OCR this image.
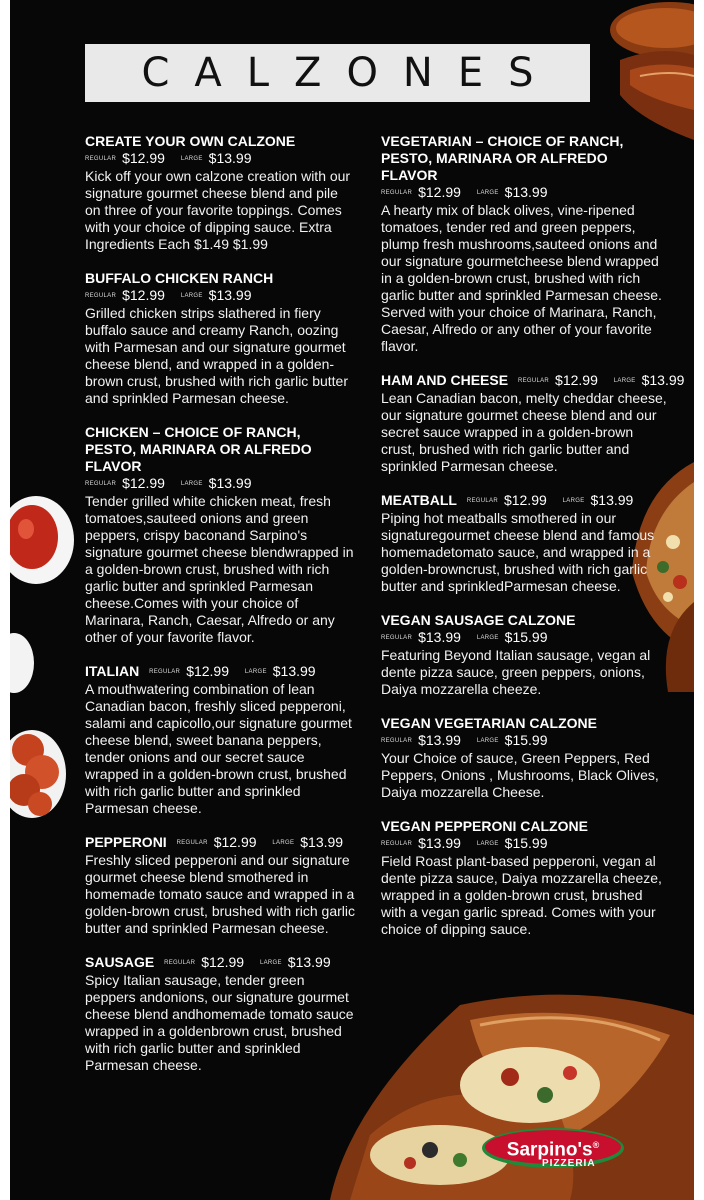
Sarpino's®
PIZZERIA
CALZONES
CREATE YOUR OWN CALZONE
$^{REGULAR}$ $12.99	$^{LARGE}$ $13.99
Kick off your own calzone creation with our signature gourmet cheese blend and pile on three of your favorite toppings. Comes with your choice of dipping sauce. Extra Ingredients Each $1.49 $1.99
BUFFALO CHICKEN RANCH
$^{REGULAR}$ $12.99	$^{LARGE}$ $13.99
Grilled chicken strips slathered in fiery buffalo sauce and creamy Ranch, oozing with Parmesan and our signature gourmet cheese blend, and wrapped in a golden-brown crust, brushed with rich garlic butter and sprinkled Parmesan cheese.
CHICKEN – CHOICE OF RANCH, PESTO, MARINARA OR ALFREDO FLAVOR
$^{REGULAR}$ $12.99	$^{LARGE}$ $13.99
Tender grilled white chicken meat, fresh tomatoes,sauteed onions and green peppers, crispy baconand Sarpino's signature gourmet cheese blendwrapped in a golden-brown crust, brushed with rich garlic butter and sprinkled Parmesan cheese.Comes with your choice of Marinara, Ranch, Caesar, Alfredo or any other of your favorite flavor.
ITALIAN $^{REGULAR}$ $12.99	$^{LARGE}$ $13.99
A mouthwatering combination of lean Canadian bacon, freshly sliced pepperoni, salami and capicollo,our signature gourmet cheese blend, sweet banana peppers, tender onions and our secret sauce wrapped in a golden-brown crust, brushed with rich garlic butter and sprinkled Parmesan cheese.
PEPPERONI $^{REGULAR}$ $12.99	$^{LARGE}$ $13.99
Freshly sliced pepperoni and our signature gourmet cheese blend smothered in homemade tomato sauce and wrapped in a golden-brown crust, brushed with rich garlic butter and sprinkled Parmesan cheese.
SAUSAGE $^{REGULAR}$ $12.99	$^{LARGE}$ $13.99
Spicy Italian sausage, tender green peppers andonions, our signature gourmet cheese blend andhomemade tomato sauce wrapped in a goldenbrown crust, brushed with rich garlic butter and sprinkled Parmesan cheese.
VEGETARIAN – CHOICE OF RANCH, PESTO, MARINARA OR ALFREDO FLAVOR
$^{REGULAR}$ $12.99	$^{LARGE}$ $13.99
A hearty mix of black olives, vine-ripened tomatoes, tender red and green peppers, plump fresh mushrooms,sauteed onions and our signature gourmetcheese blend wrapped in a golden-brown crust, brushed with rich garlic butter and sprinkled Parmesan cheese. Served with your choice of Marinara, Ranch, Caesar, Alfredo or any other of your favorite flavor.
HAM AND CHEESE $^{REGULAR}$ $12.99	$^{LARGE}$ $13.99
Lean Canadian bacon, melty cheddar cheese, our signature gourmet cheese blend and our secret sauce wrapped in a golden-brown crust, brushed with rich garlic butter and sprinkled Parmesan cheese.
MEATBALL $^{REGULAR}$ $12.99	$^{LARGE}$ $13.99
Piping hot meatballs smothered in our signaturegourmet cheese blend and famous homemadetomato sauce, and wrapped in a golden-browncrust, brushed with rich garlic butter and sprinkledParmesan cheese.
VEGAN SAUSAGE CALZONE
$^{REGULAR}$ $13.99	$^{LARGE}$ $15.99
Featuring Beyond Italian sausage, vegan al dente pizza sauce, green peppers, onions, Daiya mozzarella cheeze.
VEGAN VEGETARIAN CALZONE
$^{REGULAR}$ $13.99	$^{LARGE}$ $15.99
Your Choice of sauce, Green Peppers, Red Peppers, Onions , Mushrooms, Black Olives, Daiya mozzarella Cheese.
VEGAN PEPPERONI CALZONE
$^{REGULAR}$ $13.99	$^{LARGE}$ $15.99
Field Roast plant-based pepperoni, vegan al dente pizza sauce, Daiya mozzarella cheeze, wrapped in a golden-brown crust, brushed with a vegan garlic spread. Comes with your choice of dipping sauce.
